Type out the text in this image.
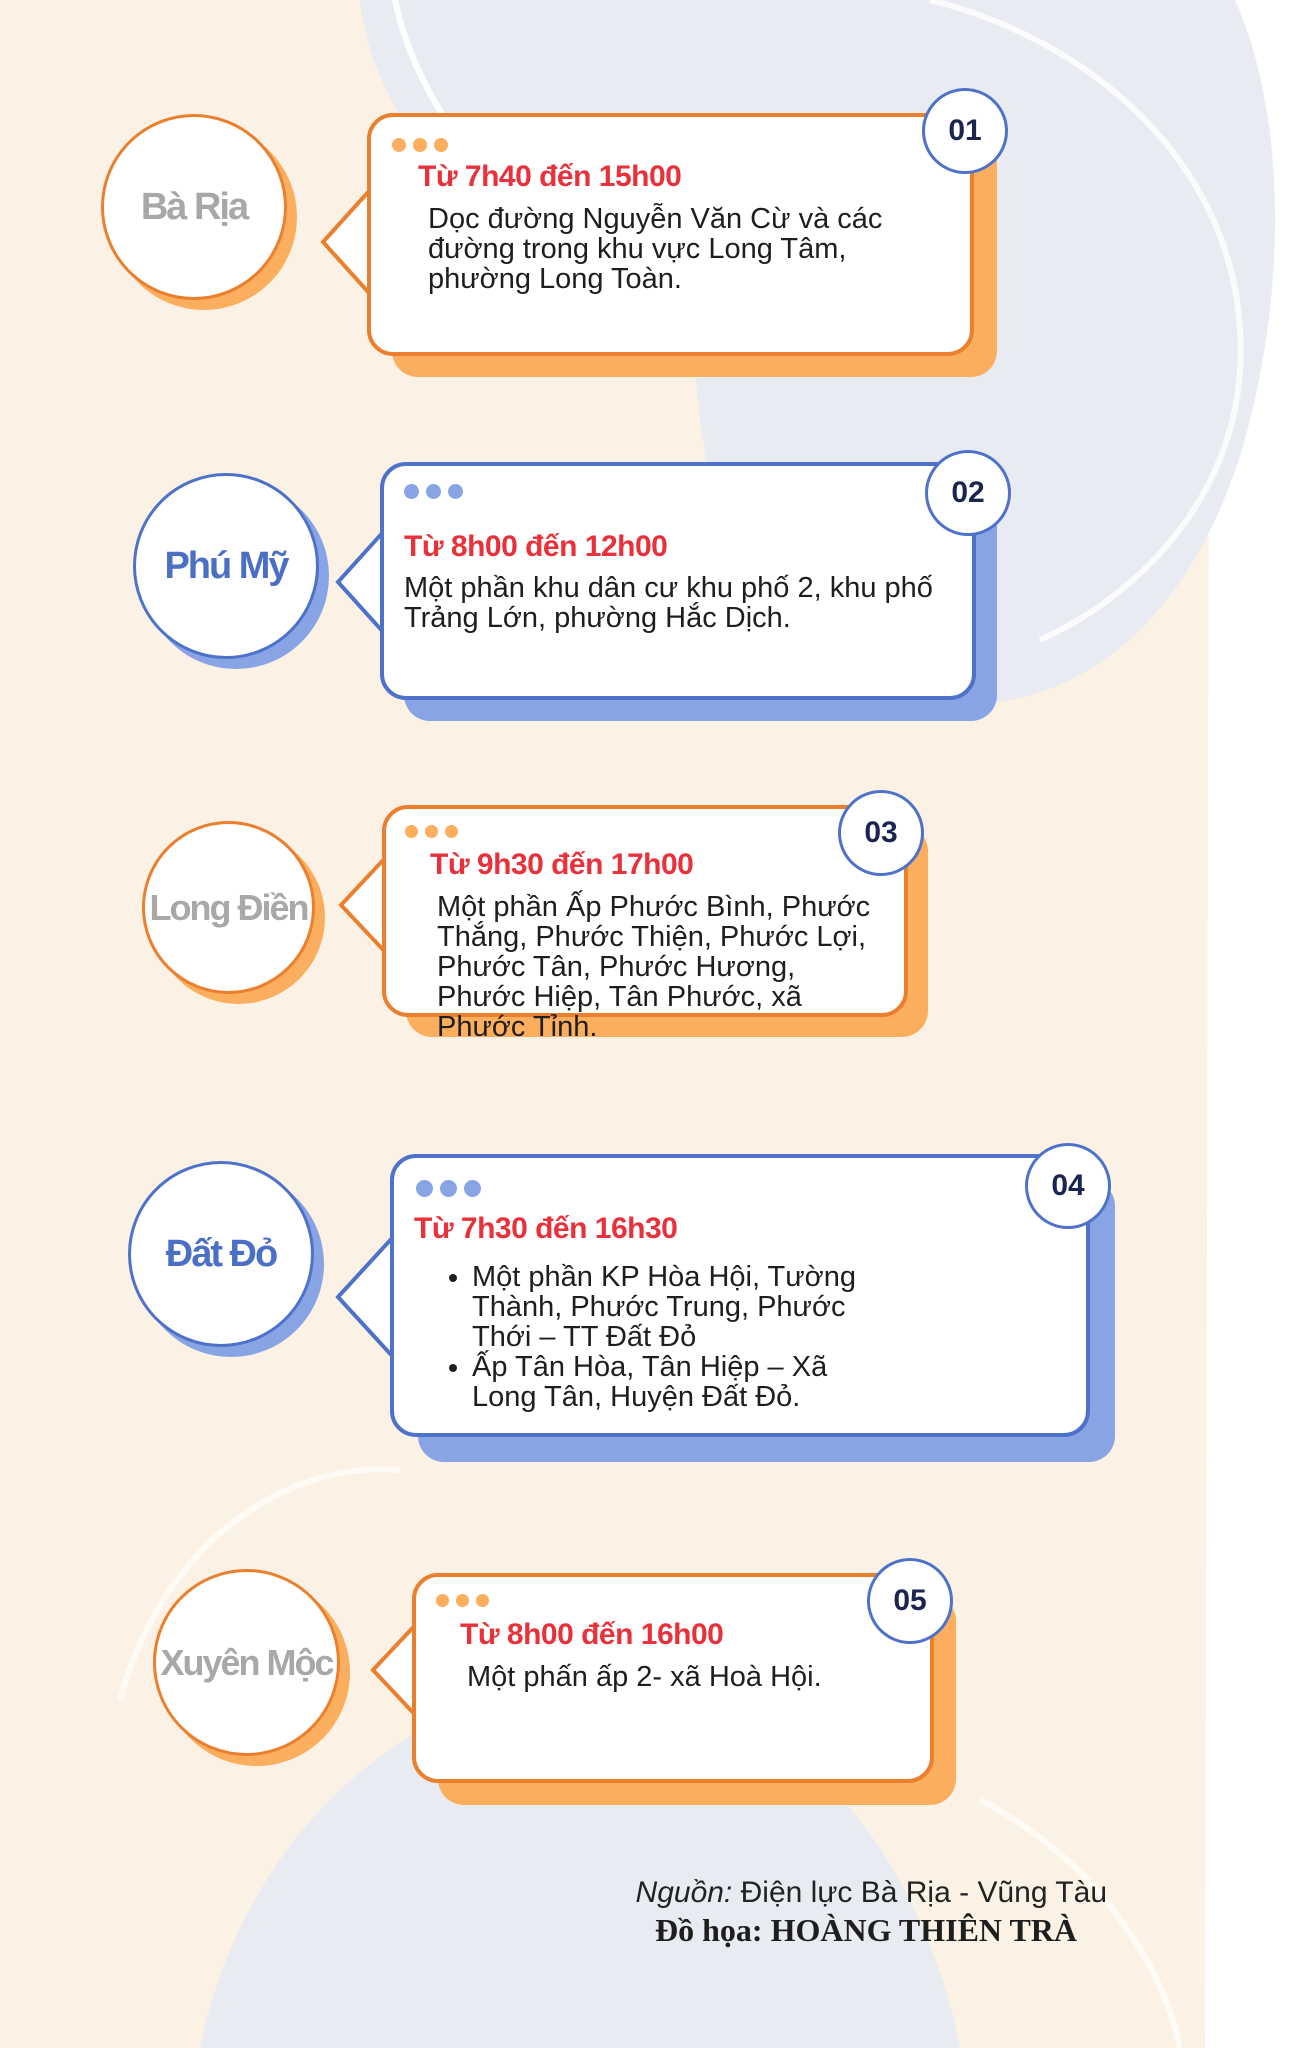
Bà Rịa
Từ 7h40 đến 15h00
Dọc đường Nguyễn Văn Cừ và các đường trong khu vực Long Tâm, phường Long Toàn.
01
Phú Mỹ	Từ 8h00 đến 12h00
Một phần khu dân cư khu phố 2, khu phố Trảng Lớn, phường Hắc Dịch.
02
Long Điền
Từ 9h30 đến 17h00
Một phần Ấp Phước Bình, Phước Thắng, Phước Thiện, Phước Lợi, Phước Tân, Phước Hương, Phước Hiệp, Tân Phước, xã Phước Tỉnh.
03
Đất Đỏ
Từ 7h30 đến 16h30
• Một phần KP Hòa Hội, Tường Thành, Phước Trung, Phước Thới – TT Đất Đỏ
• Ấp Tân Hòa, Tân Hiệp – Xã Long Tân, Huyện Đất Đỏ.
04
Xuyên Mộc
Từ 8h00 đến 16h00
Một phấn ấp 2- xã Hoà Hội.
05
Nguồn: Điện lực Bà Rịa - Vũng Tàu
Đồ họa: HOÀNG THIÊN TRÀ
